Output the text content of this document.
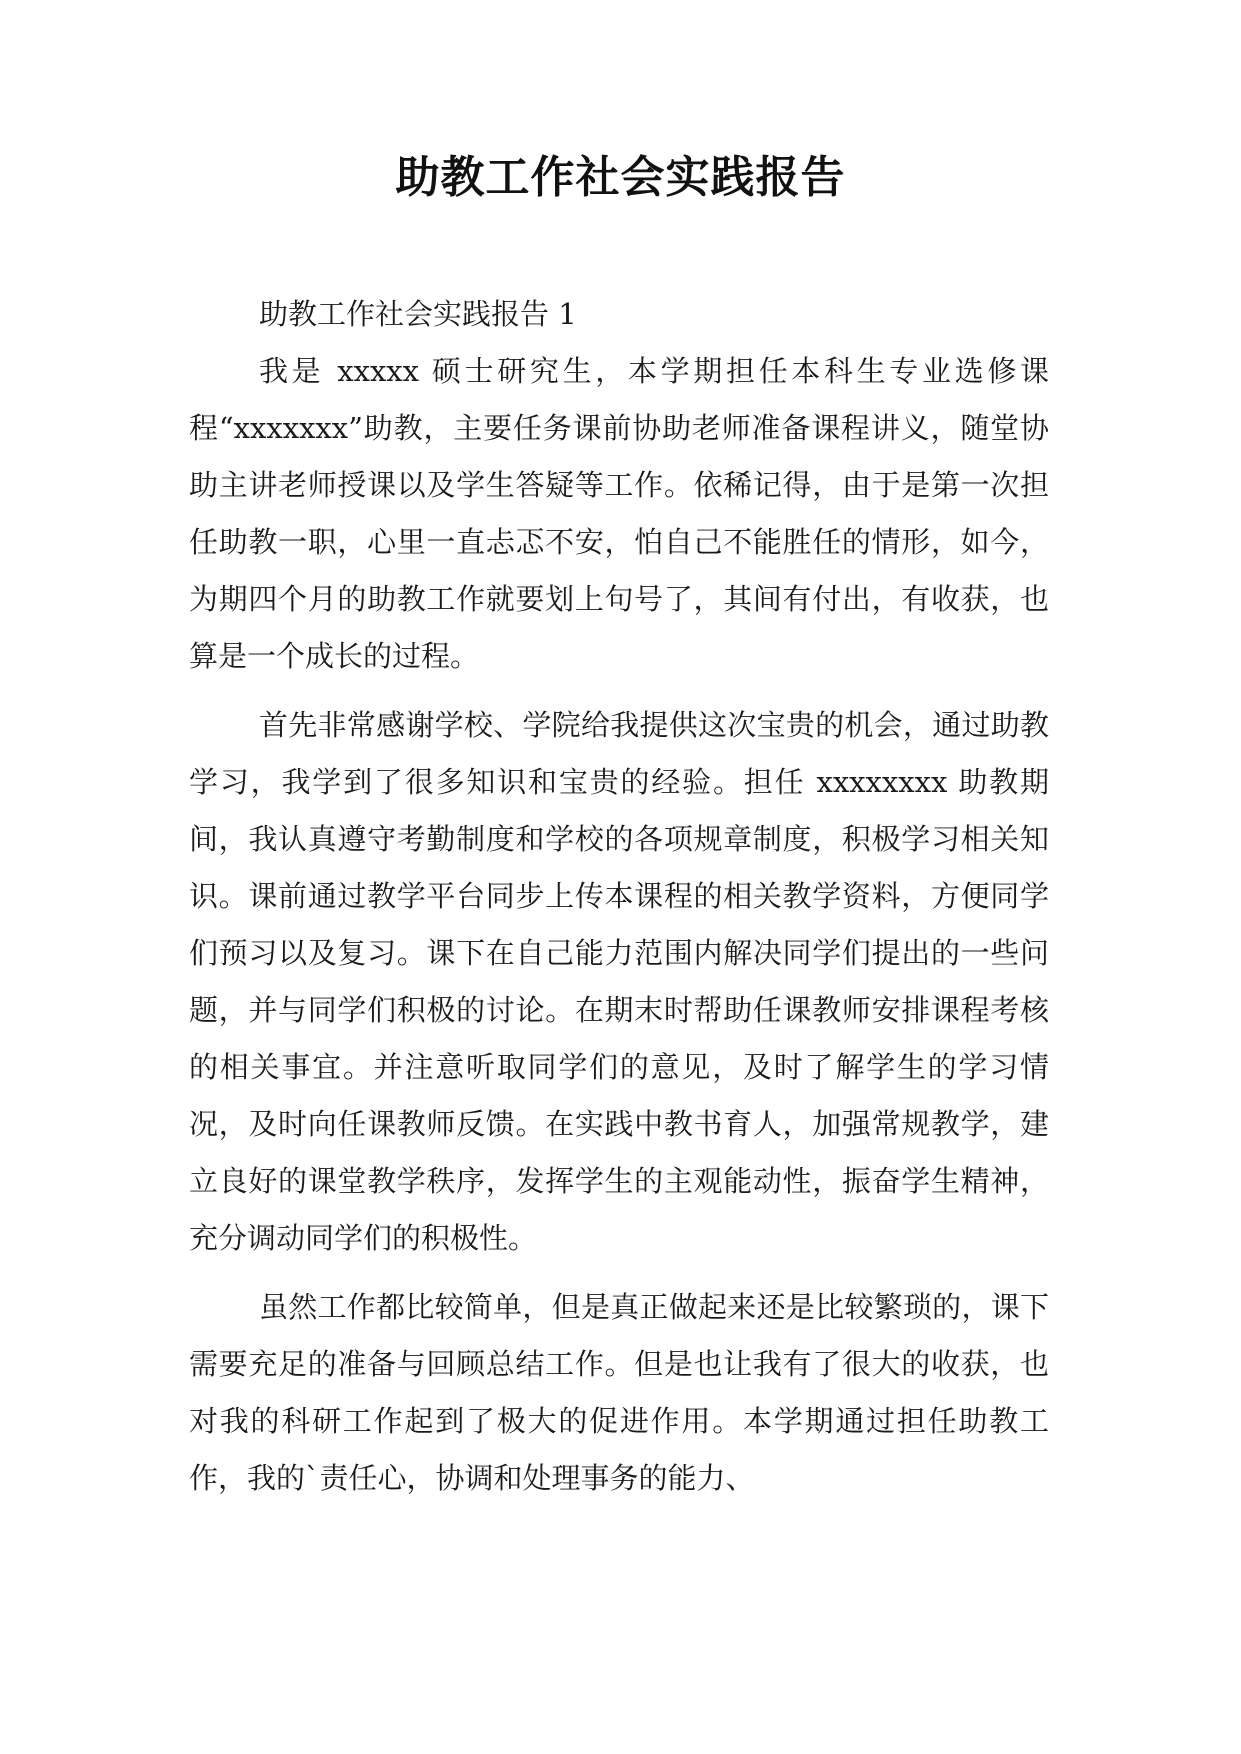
助教工作社会实践报告

助教工作社会实践报告 1

我是 xxxxx 硕士研究生，本学期担任本科生专业选修课程“xxxxxxx”助教，主要任务课前协助老师准备课程讲义，随堂协助主讲老师授课以及学生答疑等工作。依稀记得，由于是第一次担任助教一职，心里一直忐忑不安，怕自己不能胜任的情形，如今，为期四个月的助教工作就要划上句号了，其间有付出，有收获，也算是一个成长的过程。

首先非常感谢学校、学院给我提供这次宝贵的机会，通过助教学习，我学到了很多知识和宝贵的经验。担任 xxxxxxxx 助教期间，我认真遵守考勤制度和学校的各项规章制度，积极学习相关知识。课前通过教学平台同步上传本课程的相关教学资料，方便同学们预习以及复习。课下在自己能力范围内解决同学们提出的一些问题，并与同学们积极的讨论。在期末时帮助任课教师安排课程考核的相关事宜。并注意听取同学们的意见，及时了解学生的学习情况，及时向任课教师反馈。在实践中教书育人，加强常规教学，建立良好的课堂教学秩序，发挥学生的主观能动性，振奋学生精神，充分调动同学们的积极性。

虽然工作都比较简单，但是真正做起来还是比较繁琐的，课下需要充足的准备与回顾总结工作。但是也让我有了很大的收获，也对我的科研工作起到了极大的促进作用。本学期通过担任助教工作，我的`责任心，协调和处理事务的能力、
